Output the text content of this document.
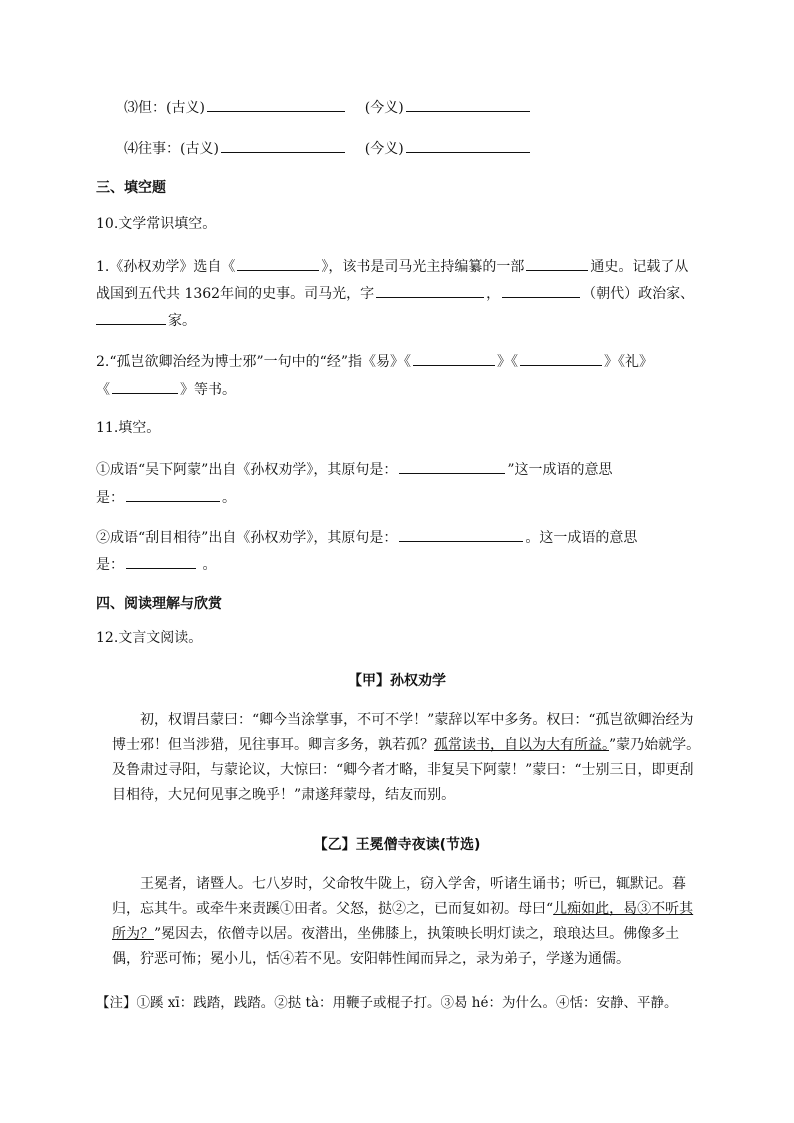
⑶但：(古义)	(今义)
⑷往事：(古义)	(今义)
三、填空题
10.文学常识填空。
1.《孙权劝学》选自《	》，该书是司马光主持编纂的一部	通史。记载了从
战国到五代共 1362年间的史事。司马光，字	，	（朝代）政治家、
家。
2.“孤岂欲卿治经为博士邪”一句中的“经”指《易》《	》《	》《礼》
《	》等书。
11.填空。
①成语“吴下阿蒙”出自《孙权劝学》，其原句是：	”这一成语的意思
是：	。
②成语“刮目相待”出自《孙权劝学》，其原句是：	。这一成语的意思
是：	。
四、阅读理解与欣赏
12.文言文阅读。
【甲】孙权劝学
初，权谓吕蒙曰：“卿今当涂掌事，不可不学！”蒙辞以军中多务。权曰：“孤岂欲卿治经为博士邪！但当涉猎，见往事耳。卿言多务，孰若孤？孤常读书，自以为大有所益。”蒙乃始就学。及鲁肃过寻阳，与蒙论议，大惊曰：“卿今者才略，非复吴下阿蒙！”蒙曰：“士别三日，即更刮目相待，大兄何见事之晚乎！”肃遂拜蒙母，结友而别。
【乙】王冕僧寺夜读(节选)
王冕者，诸暨人。七八岁时，父命牧牛陇上，窃入学舍，听诸生诵书；听已，辄默记。暮归，忘其牛。或牵牛来责蹊①田者。父怒，挞②之，已而复如初。母曰“儿痴如此，曷③不听其所为？”冕因去，依僧寺以居。夜潜出，坐佛膝上，执策映长明灯读之，琅琅达旦。佛像多土偶，狞恶可怖；冕小儿，恬④若不见。安阳韩性闻而异之，录为弟子，学遂为通儒。
【注】①蹊 xī：践踏，践踏。②挞 tà：用鞭子或棍子打。③曷 hé：为什么。④恬：安静、平静。
